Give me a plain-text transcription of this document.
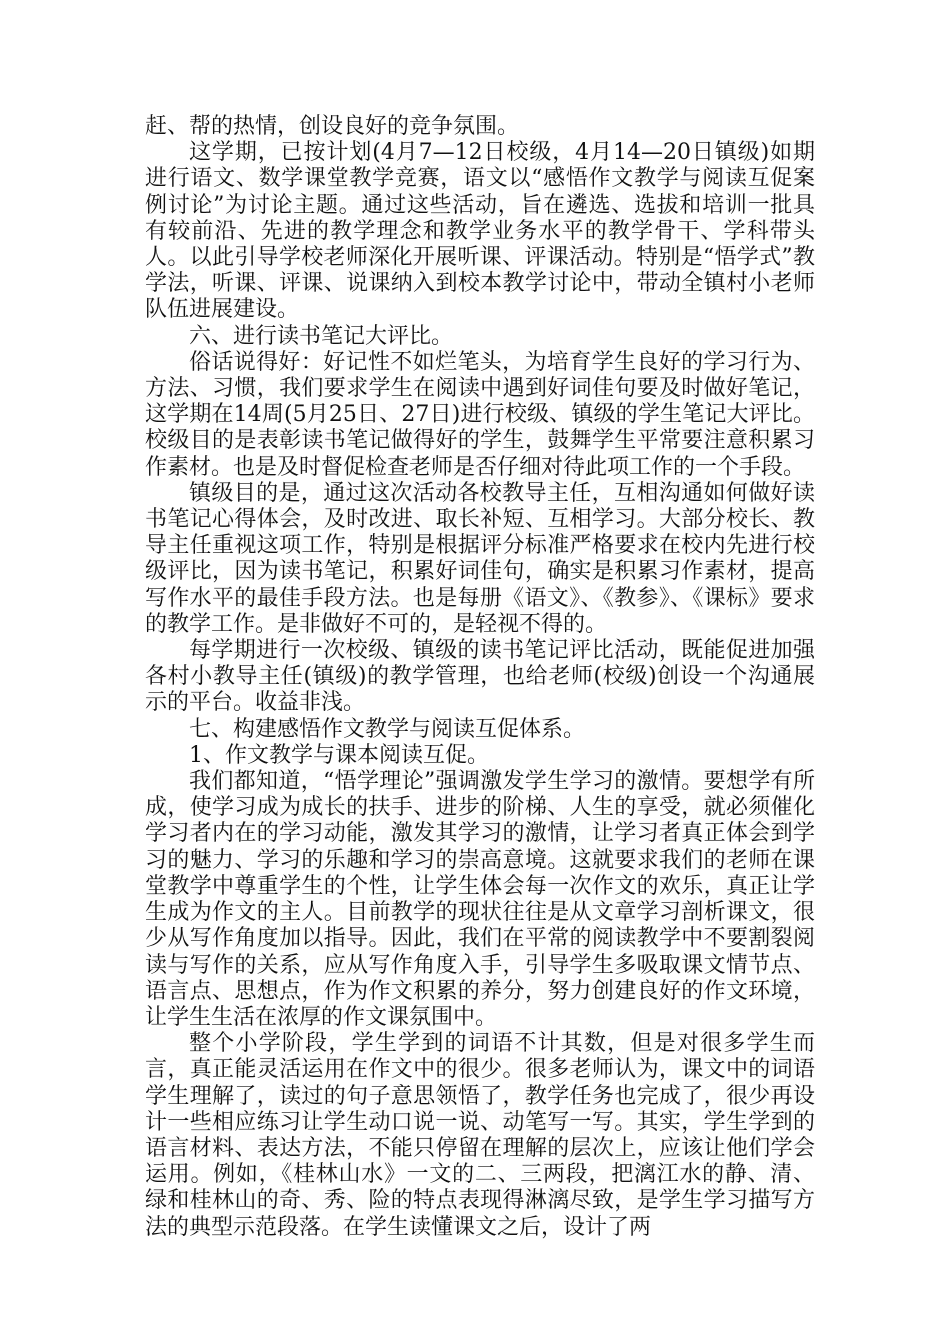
赶、帮的热情，创设良好的竞争氛围。

这学期，已按计划(4月7—12日校级，4月14—20日镇级)如期进行语文、数学课堂教学竞赛，语文以“感悟作文教学与阅读互促案例讨论”为讨论主题。通过这些活动，旨在遴选、选拔和培训一批具有较前沿、先进的教学理念和教学业务水平的教学骨干、学科带头人。以此引导学校老师深化开展听课、评课活动。特别是“悟学式”教学法，听课、评课、说课纳入到校本教学讨论中，带动全镇村小老师队伍进展建设。

六、进行读书笔记大评比。

俗话说得好：好记性不如烂笔头，为培育学生良好的学习行为、方法、习惯，我们要求学生在阅读中遇到好词佳句要及时做好笔记，这学期在14周(5月25日、27日)进行校级、镇级的学生笔记大评比。校级目的是表彰读书笔记做得好的学生，鼓舞学生平常要注意积累习作素材。也是及时督促检查老师是否仔细对待此项工作的一个手段。

镇级目的是，通过这次活动各校教导主任，互相沟通如何做好读书笔记心得体会，及时改进、取长补短、互相学习。大部分校长、教导主任重视这项工作，特别是根据评分标准严格要求在校内先进行校级评比，因为读书笔记，积累好词佳句，确实是积累习作素材，提高写作水平的最佳手段方法。也是每册《语文》、《教参》、《课标》要求的教学工作。是非做好不可的，是轻视不得的。

每学期进行一次校级、镇级的读书笔记评比活动，既能促进加强各村小教导主任(镇级)的教学管理，也给老师(校级)创设一个沟通展示的平台。收益非浅。

七、构建感悟作文教学与阅读互促体系。

1、作文教学与课本阅读互促。

我们都知道，“悟学理论”强调激发学生学习的激情。要想学有所成，使学习成为成长的扶手、进步的阶梯、人生的享受，就必须催化学习者内在的学习动能，激发其学习的激情，让学习者真正体会到学习的魅力、学习的乐趣和学习的崇高意境。这就要求我们的老师在课堂教学中尊重学生的个性，让学生体会每一次作文的欢乐，真正让学生成为作文的主人。目前教学的现状往往是从文章学习剖析课文，很少从写作角度加以指导。因此，我们在平常的阅读教学中不要割裂阅读与写作的关系，应从写作角度入手，引导学生多吸取课文情节点、语言点、思想点，作为作文积累的养分，努力创建良好的作文环境，让学生生活在浓厚的作文课氛围中。

整个小学阶段，学生学到的词语不计其数，但是对很多学生而言，真正能灵活运用在作文中的很少。很多老师认为，课文中的词语学生理解了，读过的句子意思领悟了，教学任务也完成了，很少再设计一些相应练习让学生动口说一说、动笔写一写。其实，学生学到的语言材料、表达方法，不能只停留在理解的层次上，应该让他们学会运用。例如，《桂林山水》一文的二、三两段，把漓江水的静、清、绿和桂林山的奇、秀、险的特点表现得淋漓尽致，是学生学习描写方法的典型示范段落。在学生读懂课文之后，设计了两
